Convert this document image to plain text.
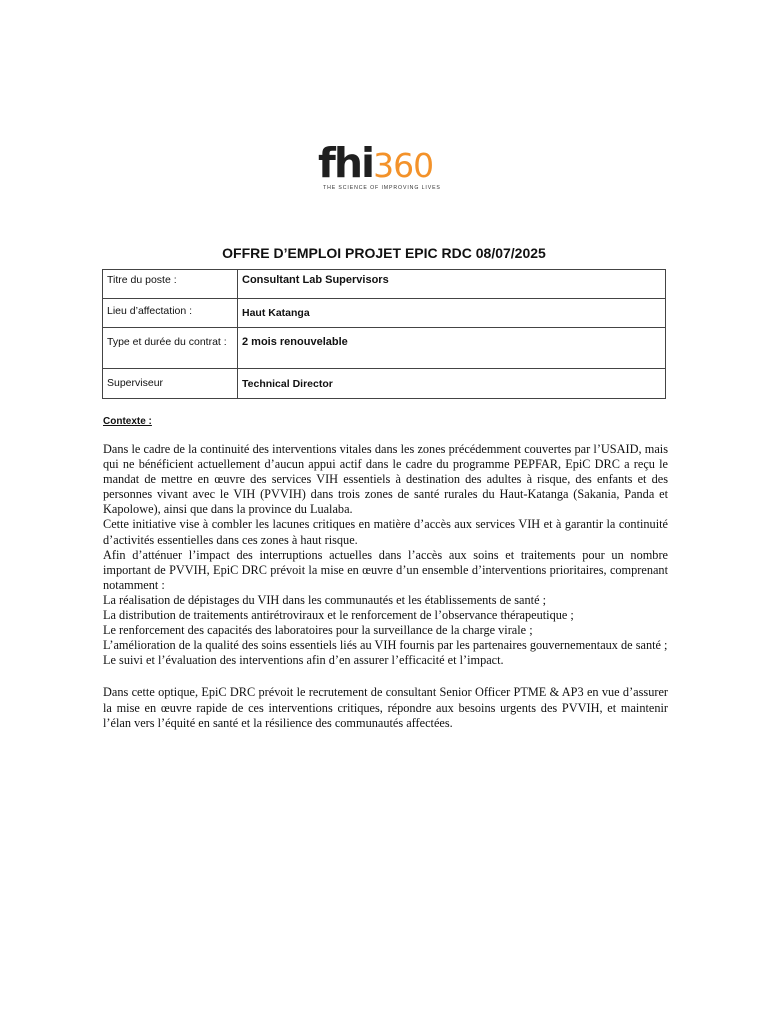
fhi360
THE SCIENCE OF IMPROVING LIVES
OFFRE D’EMPLOI PROJET EPIC RDC 08/07/2025
Titre du poste :	Consultant Lab Supervisors
Lieu d’affectation :	Haut Katanga
Type et durée du contrat :	2 mois renouvelable
Superviseur	Technical Director
Contexte :

Dans le cadre de la continuité des interventions vitales dans les zones précédemment couvertes par l’USAID, mais qui ne bénéficient actuellement d’aucun appui actif dans le cadre du programme PEPFAR, EpiC DRC a reçu le mandat de mettre en œuvre des services VIH essentiels à destination des adultes à risque, des enfants et des personnes vivant avec le VIH (PVVIH) dans trois zones de santé rurales du Haut-Katanga (Sakania, Panda et Kapolowe), ainsi que dans la province du Lualaba.

Cette initiative vise à combler les lacunes critiques en matière d’accès aux services VIH et à garantir la continuité d’activités essentielles dans ces zones à haut risque.

Afin d’atténuer l’impact des interruptions actuelles dans l’accès aux soins et traitements pour un nombre important de PVVIH, EpiC DRC prévoit la mise en œuvre d’un ensemble d’interventions prioritaires, comprenant notamment :

La réalisation de dépistages du VIH dans les communautés et les établissements de santé ;

La distribution de traitements antirétroviraux et le renforcement de l’observance thérapeutique ;

Le renforcement des capacités des laboratoires pour la surveillance de la charge virale ;

L’amélioration de la qualité des soins essentiels liés au VIH fournis par les partenaires gouvernementaux de santé ;

Le suivi et l’évaluation des interventions afin d’en assurer l’efficacité et l’impact.

Dans cette optique, EpiC DRC prévoit le recrutement de consultant Senior Officer PTME & AP3 en vue d’assurer la mise en œuvre rapide de ces interventions critiques, répondre aux besoins urgents des PVVIH, et maintenir l’élan vers l’équité en santé et la résilience des communautés affectées.
